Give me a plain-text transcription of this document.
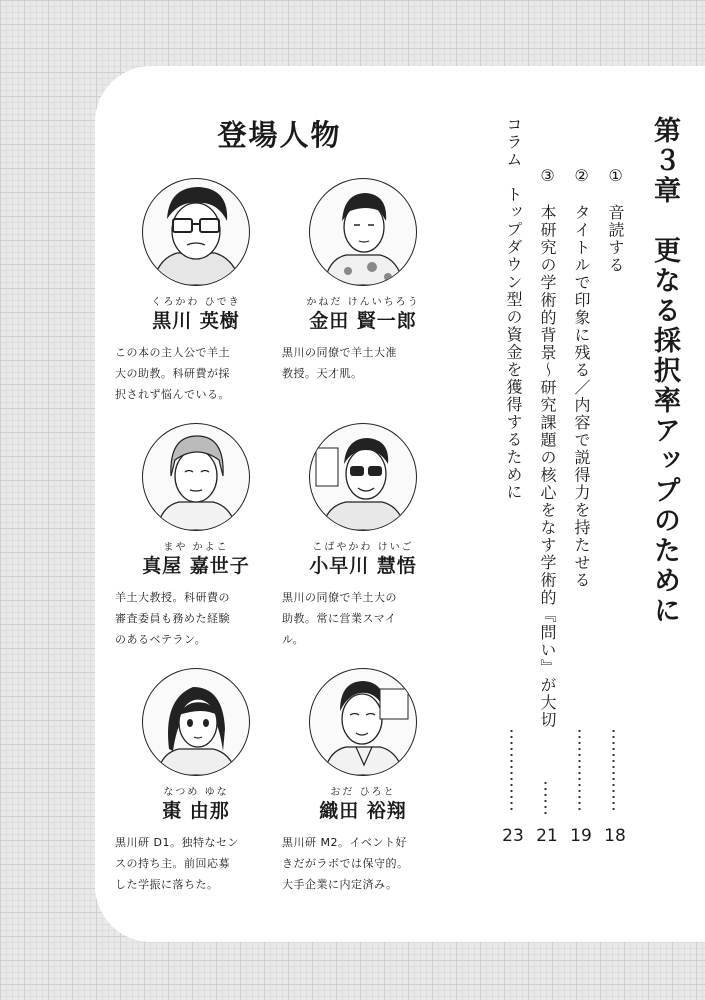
登場人物
くろかわ ひでき
黒川 英樹
この本の主人公で羊土
大の助教。科研費が採
択されず悩んでいる。
かねだ けんいちろう
金田 賢一郎
黒川の同僚で羊土大准
教授。天才肌。
まや かよこ
真屋 嘉世子
羊土大教授。科研費の
審査委員も務めた経験
のあるベテラン。
こばやかわ けいご
小早川 慧悟
黒川の同僚で羊土大の
助教。常に営業スマイ
ル。
なつめ ゆな
棗 由那
黒川研 D1。独特なセン
スの持ち主。前回応募
した学振に落ちた。
おだ ひろと
織田 裕翔
黒川研 M2。イベント好
きだがラボでは保守的。
大手企業に内定済み。
第３章　更なる採択率アップのために
①　音読する
18
②　タイトルで印象に残る／内容で説得力を持たせる
19
③　本研究の学術的背景～研究課題の核心をなす学術的『問い』が大切
21
コラム　トップダウン型の資金を獲得するために
23
